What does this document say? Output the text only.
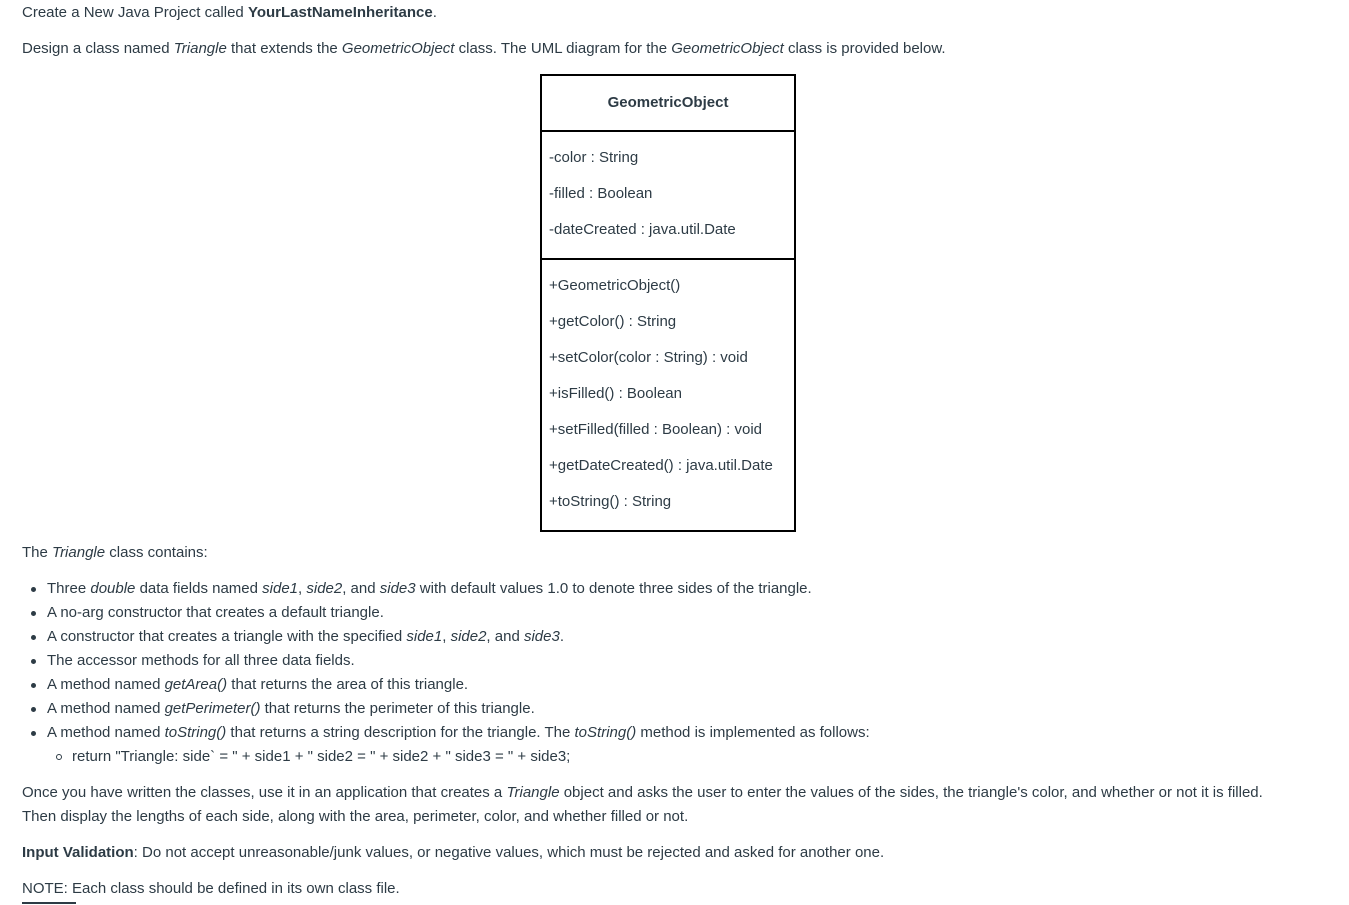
Create a New Java Project called YourLastNameInheritance.

Design a class named Triangle that extends the GeometricObject class. The UML diagram for the GeometricObject class is provided below.

GeometricObject
-color : String
-filled : Boolean
-dateCreated : java.util.Date
+GeometricObject()
+getColor() : String
+setColor(color : String) : void
+isFilled() : Boolean
+setFilled(filled : Boolean) : void
+getDateCreated() : java.util.Date
+toString() : String

The Triangle class contains:

Three double data fields named side1, side2, and side3 with default values 1.0 to denote three sides of the triangle.
A no-arg constructor that creates a default triangle.
A constructor that creates a triangle with the specified side1, side2, and side3.
The accessor methods for all three data fields.
A method named getArea() that returns the area of this triangle.
A method named getPerimeter() that returns the perimeter of this triangle.
A method named toString() that returns a string description for the triangle. The toString() method is implemented as follows:
return "Triangle: side` = " + side1 + " side2 = " + side2 + " side3 = " + side3;

Once you have written the classes, use it in an application that creates a Triangle object and asks the user to enter the values of the sides, the triangle's color, and whether or not it is filled. Then display the lengths of each side, along with the area, perimeter, color, and whether filled or not.

Input Validation: Do not accept unreasonable/junk values, or negative values, which must be rejected and asked for another one.

NOTE: Each class should be defined in its own class file.
